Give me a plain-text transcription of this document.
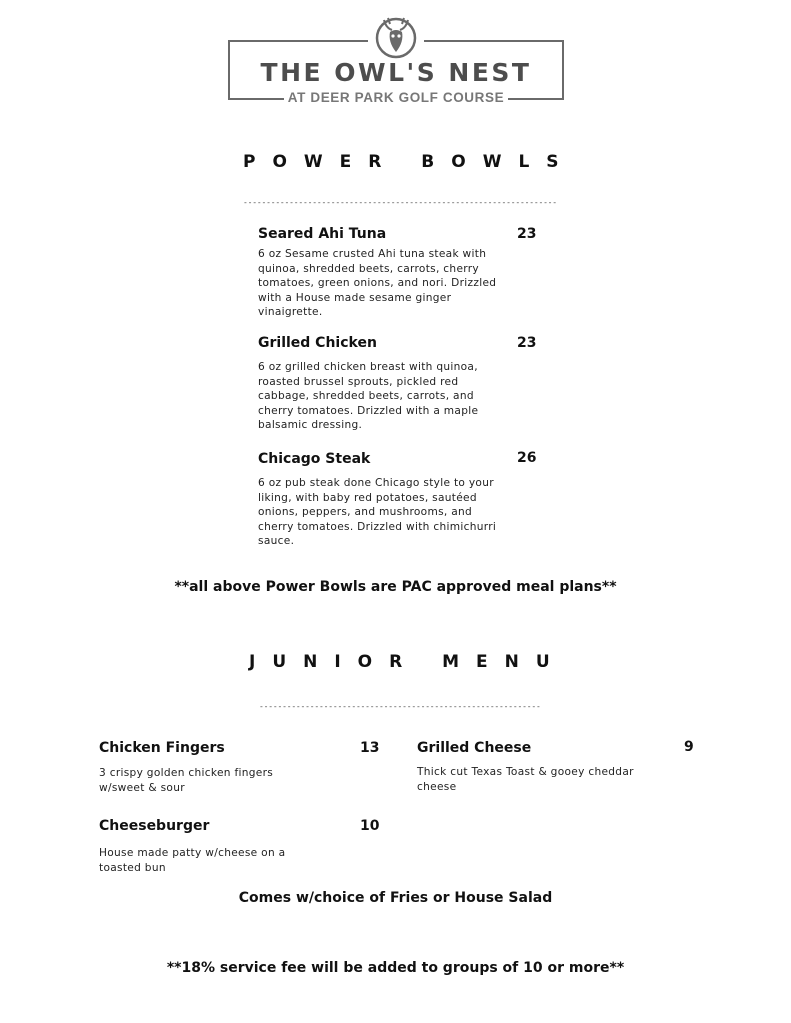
THE OWL'S NEST
AT DEER PARK GOLF COURSE
POWER BOWLS
--------------------------------------------------------------------
Seared Ahi Tuna	23
6 oz Sesame crusted Ahi tuna steak with quinoa, shredded beets, carrots, cherry tomatoes, green onions, and nori. Drizzled with a House made sesame ginger vinaigrette.
Grilled Chicken	23
6 oz grilled chicken breast with quinoa, roasted brussel sprouts, pickled red cabbage, shredded beets, carrots, and cherry tomatoes. Drizzled with a maple balsamic dressing.
Chicago Steak	26
6 oz pub steak done Chicago style to your liking, with baby red potatoes, sautéed onions, peppers, and mushrooms, and cherry tomatoes. Drizzled with chimichurri sauce.
**all above Power Bowls are PAC approved meal plans**
JUNIOR MENU
-------------------------------------------------------------
Chicken Fingers	13
3 crispy golden chicken fingers w/sweet & sour
Grilled Cheese	9
Thick cut Texas Toast & gooey cheddar cheese
Cheeseburger	10
House made patty w/cheese on a toasted bun
Comes w/choice of Fries or House Salad
**18% service fee will be added to groups of 10 or more**
